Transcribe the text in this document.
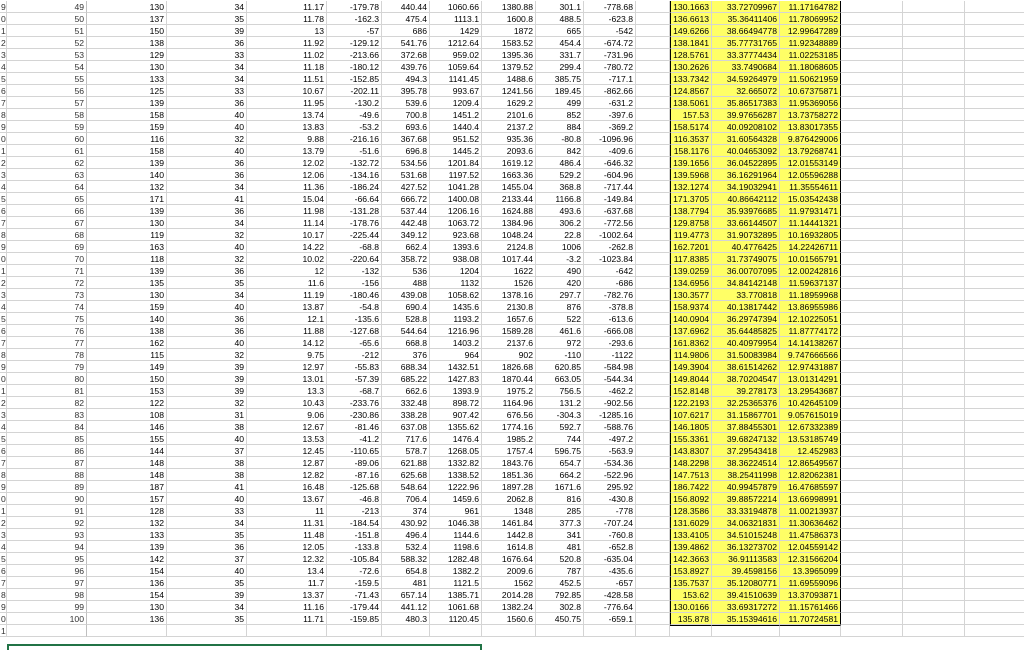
9	49	130	34	11.17	-179.78	440.44	1060.66	1380.88	301.1	-778.68	130.1663	33.72709967	11.17164782
0	50	137	35	11.78	-162.3	475.4	1113.1	1600.8	488.5	-623.8	136.6613	35.36411406	11.78069952
1	51	150	39	13	-57	686	1429	1872	665	-542	149.6266	38.66494778	12.99647289
2	52	138	36	11.92	-129.12	541.76	1212.64	1583.52	454.4	-674.72	138.1841	35.77731765	11.92348889
3	53	129	33	11.02	-213.66	372.68	959.02	1395.36	331.7	-731.96	128.5761	33.37774434	11.02253185
4	54	130	34	11.18	-180.12	439.76	1059.64	1379.52	299.4	-780.72	130.2626	33.7490684	11.18068605
5	55	133	34	11.51	-152.85	494.3	1141.45	1488.6	385.75	-717.1	133.7342	34.59264979	11.50621959
6	56	125	33	10.67	-202.11	395.78	993.67	1241.56	189.45	-862.66	124.8567	32.665072	10.67375871
7	57	139	36	11.95	-130.2	539.6	1209.4	1629.2	499	-631.2	138.5061	35.86517383	11.95369056
8	58	158	40	13.74	-49.6	700.8	1451.2	2101.6	852	-397.6	157.53	39.97656287	13.73758272
9	59	159	40	13.83	-53.2	693.6	1440.4	2137.2	884	-369.2	158.5174	40.09208102	13.83017355
0	60	116	32	9.88	-216.16	367.68	951.52	935.36	-80.8	-1096.96	116.3537	31.60564328	9.876429006
1	61	158	40	13.79	-51.6	696.8	1445.2	2093.6	842	-409.6	158.1176	40.04653092	13.79268741
2	62	139	36	12.02	-132.72	534.56	1201.84	1619.12	486.4	-646.32	139.1656	36.04522895	12.01553149
3	63	140	36	12.06	-134.16	531.68	1197.52	1663.36	529.2	-604.96	139.5968	36.16291964	12.05596288
4	64	132	34	11.36	-186.24	427.52	1041.28	1455.04	368.8	-717.44	132.1274	34.19032941	11.35554611
5	65	171	41	15.04	-66.64	666.72	1400.08	2133.44	1166.8	-149.84	171.3705	40.86642112	15.03542438
6	66	139	36	11.98	-131.28	537.44	1206.16	1624.88	493.6	-637.68	138.7794	35.93976685	11.97931471
7	67	130	34	11.14	-178.76	442.48	1063.72	1384.96	306.2	-772.56	129.8758	33.66144507	11.14441321
8	68	119	32	10.17	-225.44	349.12	923.68	1048.24	22.8	-1002.64	119.4773	31.90732895	10.16932805
9	69	163	40	14.22	-68.8	662.4	1393.6	2124.8	1006	-262.8	162.7201	40.4776425	14.22426711
0	70	118	32	10.02	-220.64	358.72	938.08	1017.44	-3.2	-1023.84	117.8385	31.73749075	10.01565791
1	71	139	36	12	-132	536	1204	1622	490	-642	139.0259	36.00707095	12.00242816
2	72	135	35	11.6	-156	488	1132	1526	420	-686	134.6956	34.84142148	11.59637137
3	73	130	34	11.19	-180.46	439.08	1058.62	1378.16	297.7	-782.76	130.3577	33.770818	11.18959968
4	74	159	40	13.87	-54.8	690.4	1435.6	2130.8	876	-378.8	158.9374	40.13817442	13.86955986
5	75	140	36	12.1	-135.6	528.8	1193.2	1657.6	522	-613.6	140.0904	36.29747394	12.10225051
6	76	138	36	11.88	-127.68	544.64	1216.96	1589.28	461.6	-666.08	137.6962	35.64485825	11.87774172
7	77	162	40	14.12	-65.6	668.8	1403.2	2137.6	972	-293.6	161.8362	40.40979954	14.14138267
8	78	115	32	9.75	-212	376	964	902	-110	-1122	114.9806	31.50083984	9.747666566
9	79	149	39	12.97	-55.83	688.34	1432.51	1826.68	620.85	-584.98	149.3904	38.61514262	12.97431887
0	80	150	39	13.01	-57.39	685.22	1427.83	1870.44	663.05	-544.34	149.8044	38.70204547	13.01314291
1	81	153	39	13.3	-68.7	662.6	1393.9	1975.2	756.5	-462.2	152.8148	39.278173	13.29543687
2	82	122	32	10.43	-233.76	332.48	898.72	1164.96	131.2	-902.56	122.2193	32.25365376	10.42645109
3	83	108	31	9.06	-230.86	338.28	907.42	676.56	-304.3	-1285.16	107.6217	31.15867701	9.057615019
4	84	146	38	12.67	-81.46	637.08	1355.62	1774.16	592.7	-588.76	146.1805	37.88455301	12.67332389
5	85	155	40	13.53	-41.2	717.6	1476.4	1985.2	744	-497.2	155.3361	39.68247132	13.53185749
6	86	144	37	12.45	-110.65	578.7	1268.05	1757.4	596.75	-563.9	143.8307	37.29543418	12.452983
7	87	148	38	12.87	-89.06	621.88	1332.82	1843.76	654.7	-534.36	148.2298	38.36224514	12.86549567
8	88	148	38	12.82	-87.16	625.68	1338.52	1851.36	664.2	-522.96	147.7513	38.25411998	12.82062381
9	89	187	41	16.48	-125.68	548.64	1222.96	1897.28	1671.6	295.92	186.7422	40.99457879	16.47685597
0	90	157	40	13.67	-46.8	706.4	1459.6	2062.8	816	-430.8	156.8092	39.88572214	13.66998991
1	91	128	33	11	-213	374	961	1348	285	-778	128.3586	33.33194878	11.00213937
2	92	132	34	11.31	-184.54	430.92	1046.38	1461.84	377.3	-707.24	131.6029	34.06321831	11.30636462
3	93	133	35	11.48	-151.8	496.4	1144.6	1442.8	341	-760.8	133.4105	34.51015248	11.47586373
4	94	139	36	12.05	-133.8	532.4	1198.6	1614.8	481	-652.8	139.4862	36.13273702	12.04559142
5	95	142	37	12.32	-105.84	588.32	1282.48	1676.64	520.8	-635.04	142.3663	36.91113583	12.31566204
6	96	154	40	13.4	-72.6	654.8	1382.2	2009.6	787	-435.6	153.8927	39.4598156	13.3965099
7	97	136	35	11.7	-159.5	481	1121.5	1562	452.5	-657	135.7537	35.12080771	11.69559096
8	98	154	39	13.37	-71.43	657.14	1385.71	2014.28	792.85	-428.58	153.62	39.41510639	13.37093871
9	99	130	34	11.16	-179.44	441.12	1061.68	1382.24	302.8	-776.64	130.0166	33.69317272	11.15761466
0	100	136	35	11.71	-159.85	480.3	1120.45	1560.6	450.75	-659.1	135.878	35.15394616	11.70724581
1
